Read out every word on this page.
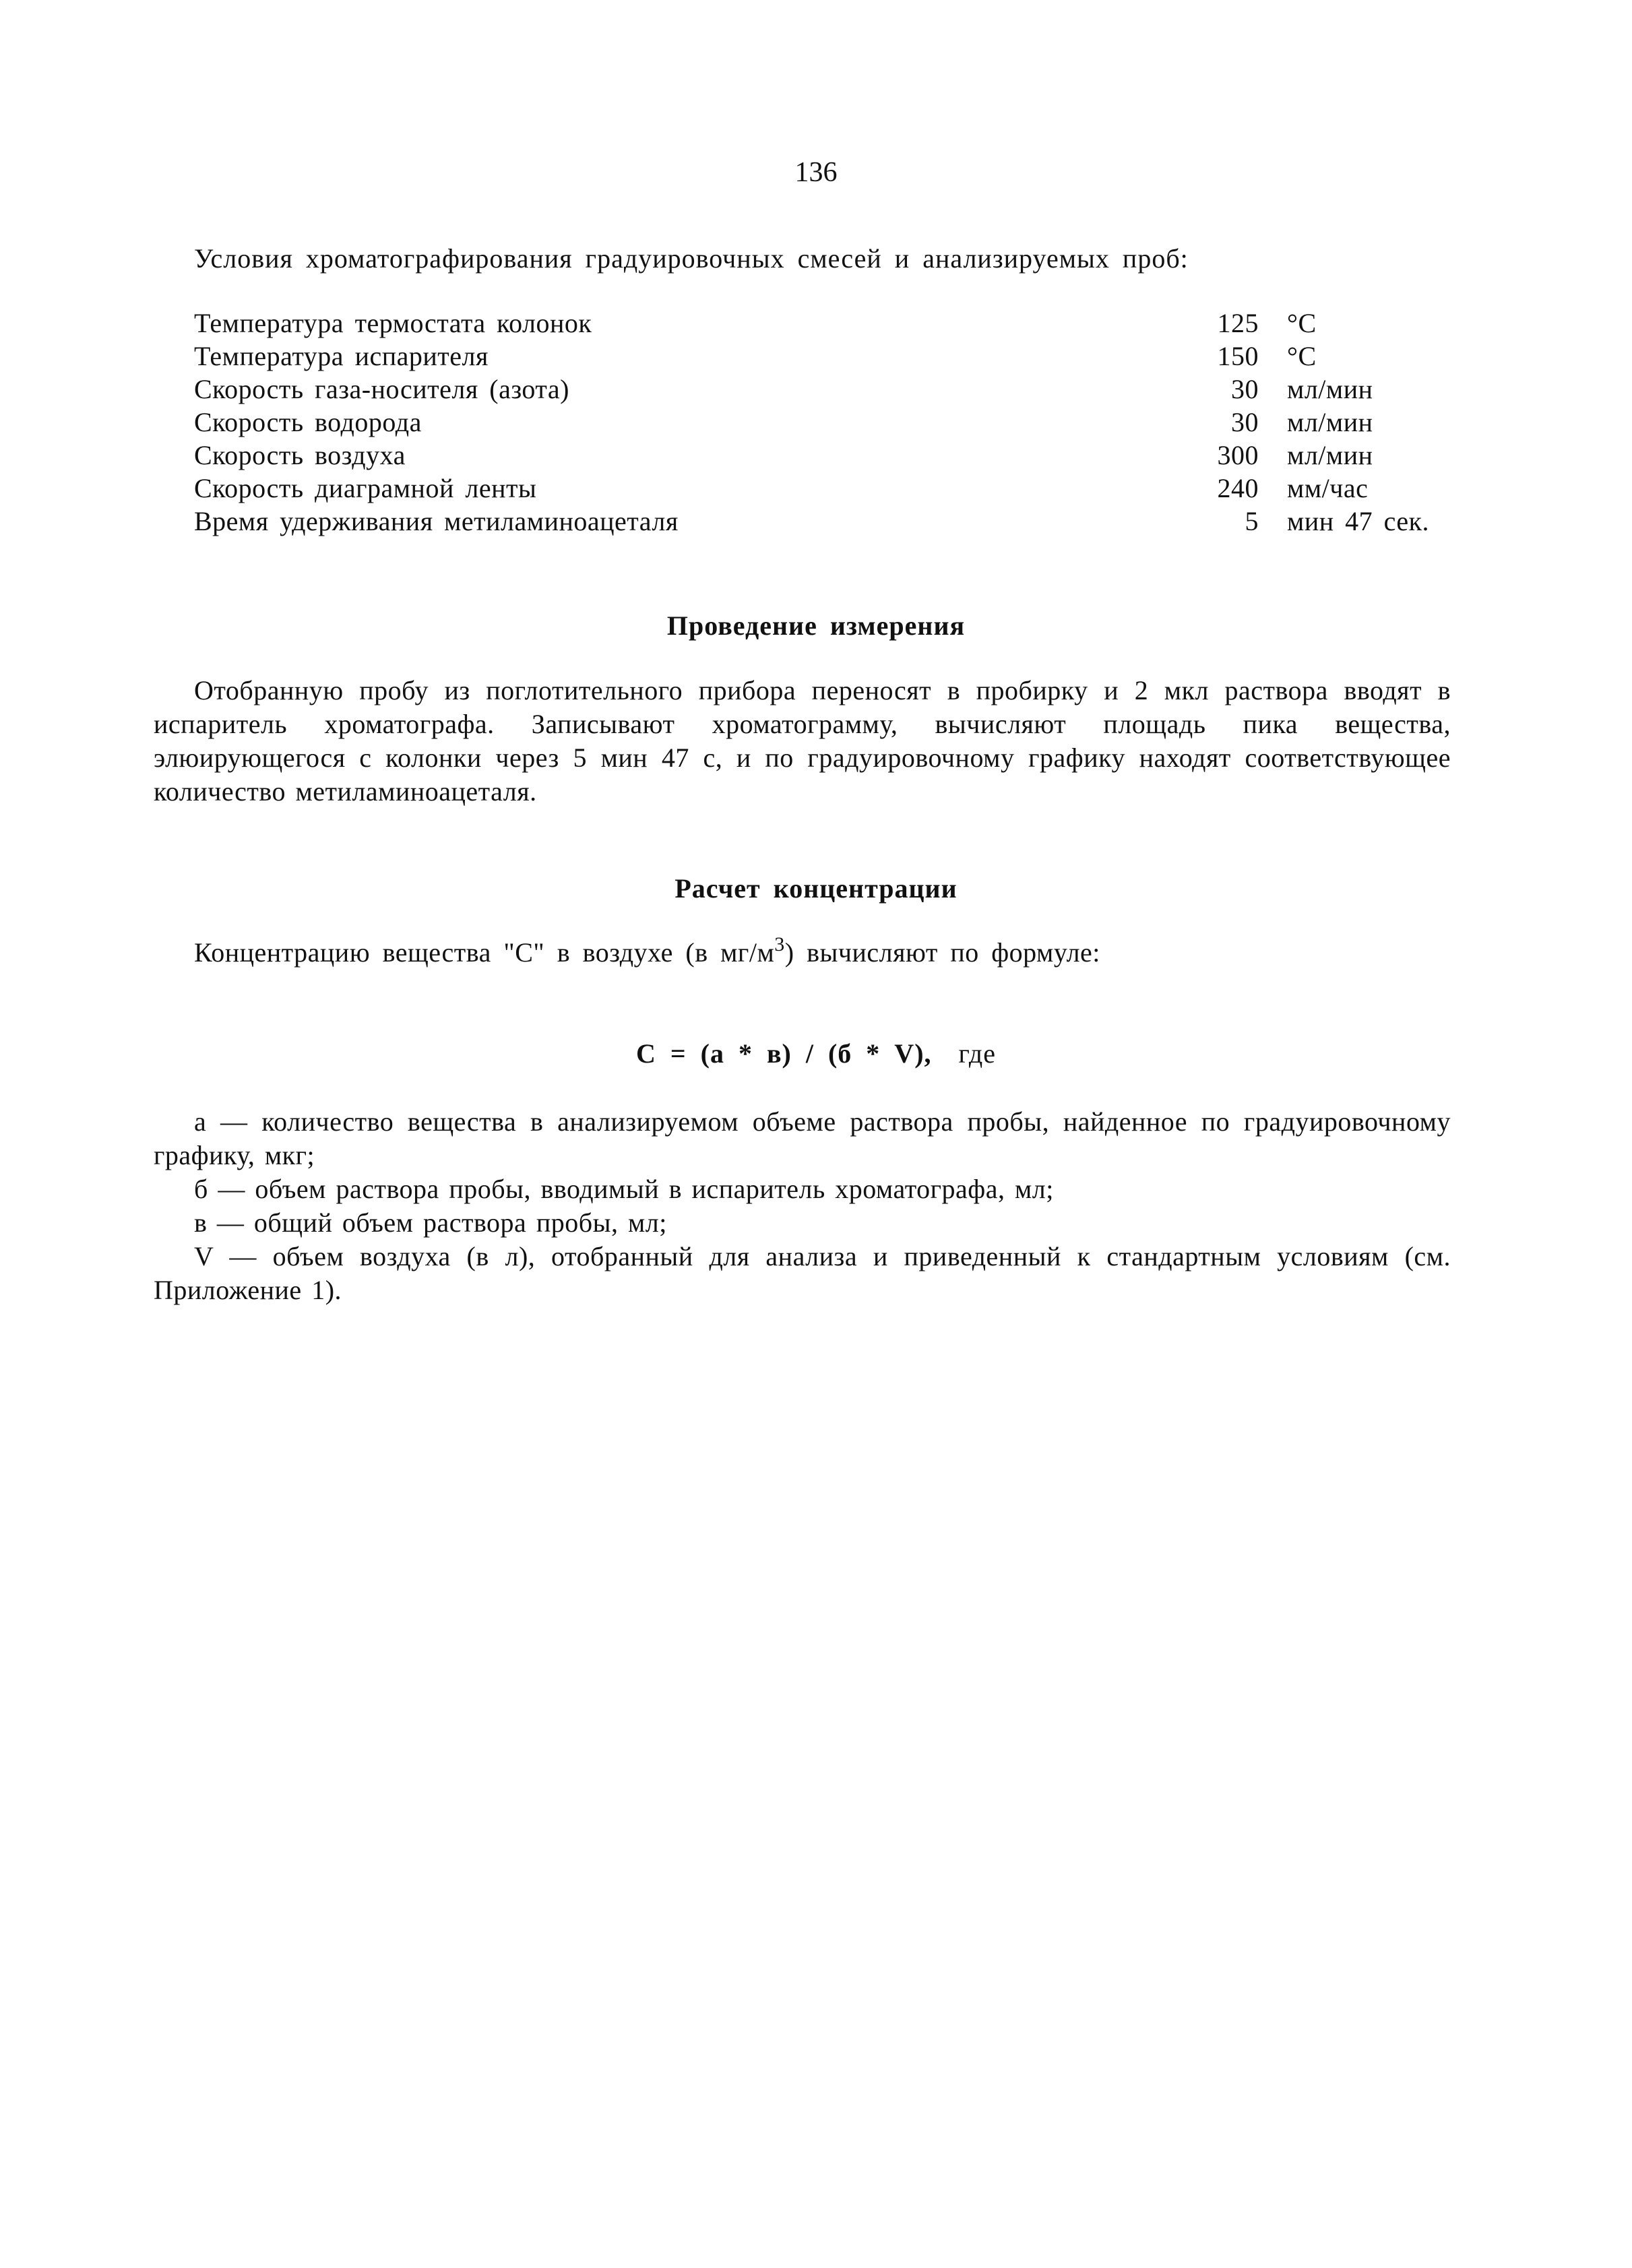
136
Условия хроматографирования градуировочных смесей и анализируемых проб:
Температура термостата колонок	125 °C
Температура испарителя	150 °C
Скорость газа-носителя (азота)	30 мл/мин
Скорость водорода	30 мл/мин
Скорость воздуха	300 мл/мин
Скорость диаграмной ленты	240 мм/час
Время удерживания метиламиноацеталя	5 мин 47 сек.
Проведение измерения

Отобранную пробу из поглотительного прибора переносят в пробирку и 2 мкл раствора вводят в испаритель хроматографа. Записывают хроматограмму, вычисляют площадь пика вещества, элюирующегося с колонки через 5 мин 47 с, и по градуировочному графику находят соответствующее количество метиламиноацеталя.

Расчет концентрации
Концентрацию вещества "С" в воздухе (в $мг/м^3$) вычисляют по формуле:
С = (а * в) / (б * V), где

а — количество вещества в анализируемом объеме раствора пробы, найденное по градуировочному графику, мкг;

б — объем раствора пробы, вводимый в испаритель хроматографа, мл;

в — общий объем раствора пробы, мл;

V — объем воздуха (в л), отобранный для анализа и приведенный к стандартным условиям (см. Приложение 1).
